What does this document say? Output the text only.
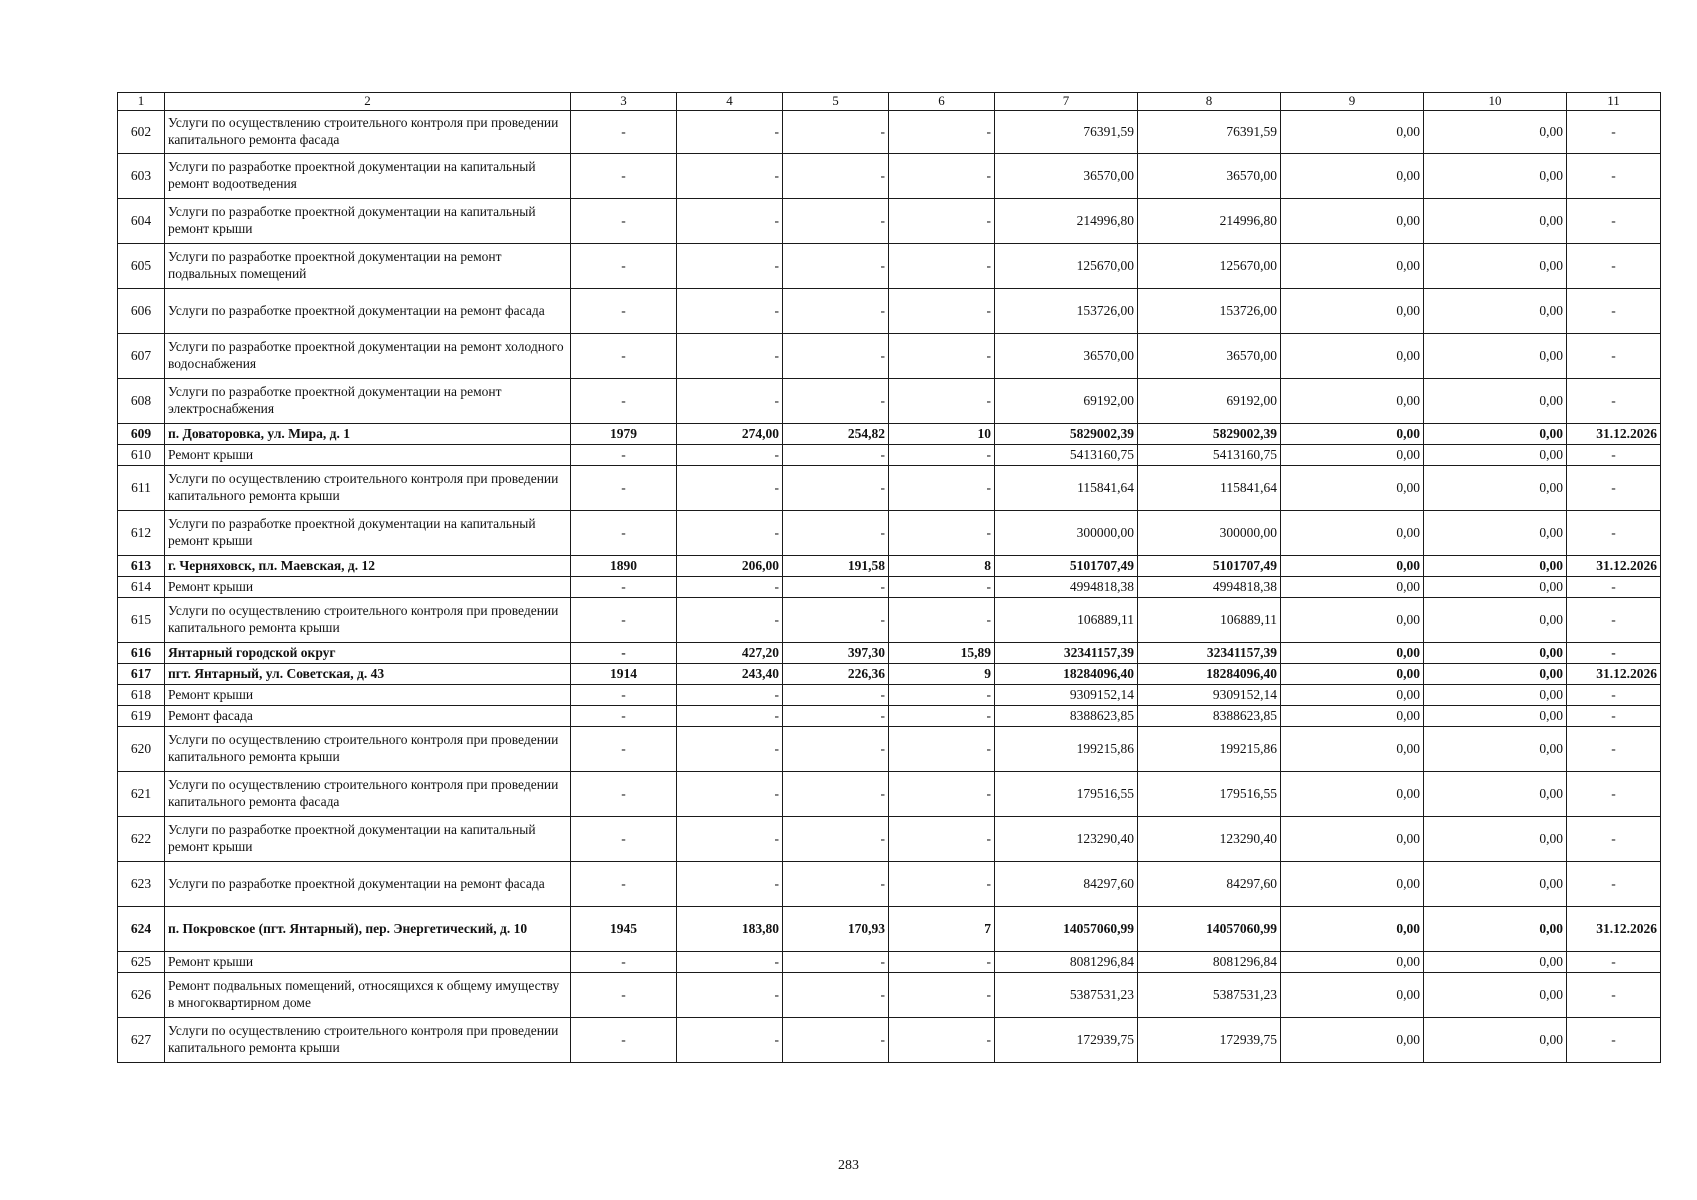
1	2	3	4	5	6	7	8	9	10	11
602	Услуги по осуществлению строительного контроля при проведении капитального ремонта фасада	-	-	-	-	76391,59	76391,59	0,00	0,00	-
603	Услуги по разработке проектной документации на капитальный ремонт водоотведения	-	-	-	-	36570,00	36570,00	0,00	0,00	-
604	Услуги по разработке проектной документации на капитальный ремонт крыши	-	-	-	-	214996,80	214996,80	0,00	0,00	-
605	Услуги по разработке проектной документации на ремонт подвальных помещений	-	-	-	-	125670,00	125670,00	0,00	0,00	-
606	Услуги по разработке проектной документации на ремонт фасада	-	-	-	-	153726,00	153726,00	0,00	0,00	-
607	Услуги по разработке проектной документации на ремонт холодного водоснабжения	-	-	-	-	36570,00	36570,00	0,00	0,00	-
608	Услуги по разработке проектной документации на ремонт электроснабжения	-	-	-	-	69192,00	69192,00	0,00	0,00	-
609	п. Доваторовка, ул. Мира, д. 1	1979	274,00	254,82	10	5829002,39	5829002,39	0,00	0,00	31.12.2026
610	Ремонт крыши	-	-	-	-	5413160,75	5413160,75	0,00	0,00	-
611	Услуги по осуществлению строительного контроля при проведении капитального ремонта крыши	-	-	-	-	115841,64	115841,64	0,00	0,00	-
612	Услуги по разработке проектной документации на капитальный ремонт крыши	-	-	-	-	300000,00	300000,00	0,00	0,00	-
613	г. Черняховск, пл. Маевская, д. 12	1890	206,00	191,58	8	5101707,49	5101707,49	0,00	0,00	31.12.2026
614	Ремонт крыши	-	-	-	-	4994818,38	4994818,38	0,00	0,00	-
615	Услуги по осуществлению строительного контроля при проведении капитального ремонта крыши	-	-	-	-	106889,11	106889,11	0,00	0,00	-
616	Янтарный городской округ	-	427,20	397,30	15,89	32341157,39	32341157,39	0,00	0,00	-
617	пгт. Янтарный, ул. Советская, д. 43	1914	243,40	226,36	9	18284096,40	18284096,40	0,00	0,00	31.12.2026
618	Ремонт крыши	-	-	-	-	9309152,14	9309152,14	0,00	0,00	-
619	Ремонт фасада	-	-	-	-	8388623,85	8388623,85	0,00	0,00	-
620	Услуги по осуществлению строительного контроля при проведении капитального ремонта крыши	-	-	-	-	199215,86	199215,86	0,00	0,00	-
621	Услуги по осуществлению строительного контроля при проведении капитального ремонта фасада	-	-	-	-	179516,55	179516,55	0,00	0,00	-
622	Услуги по разработке проектной документации на капитальный ремонт крыши	-	-	-	-	123290,40	123290,40	0,00	0,00	-
623	Услуги по разработке проектной документации на ремонт фасада	-	-	-	-	84297,60	84297,60	0,00	0,00	-
624	п. Покровское (пгт. Янтарный), пер. Энергетический, д. 10	1945	183,80	170,93	7	14057060,99	14057060,99	0,00	0,00	31.12.2026
625	Ремонт крыши	-	-	-	-	8081296,84	8081296,84	0,00	0,00	-
626	Ремонт подвальных помещений, относящихся к общему имуществу в многоквартирном доме	-	-	-	-	5387531,23	5387531,23	0,00	0,00	-
627	Услуги по осуществлению строительного контроля при проведении капитального ремонта крыши	-	-	-	-	172939,75	172939,75	0,00	0,00	-
283
